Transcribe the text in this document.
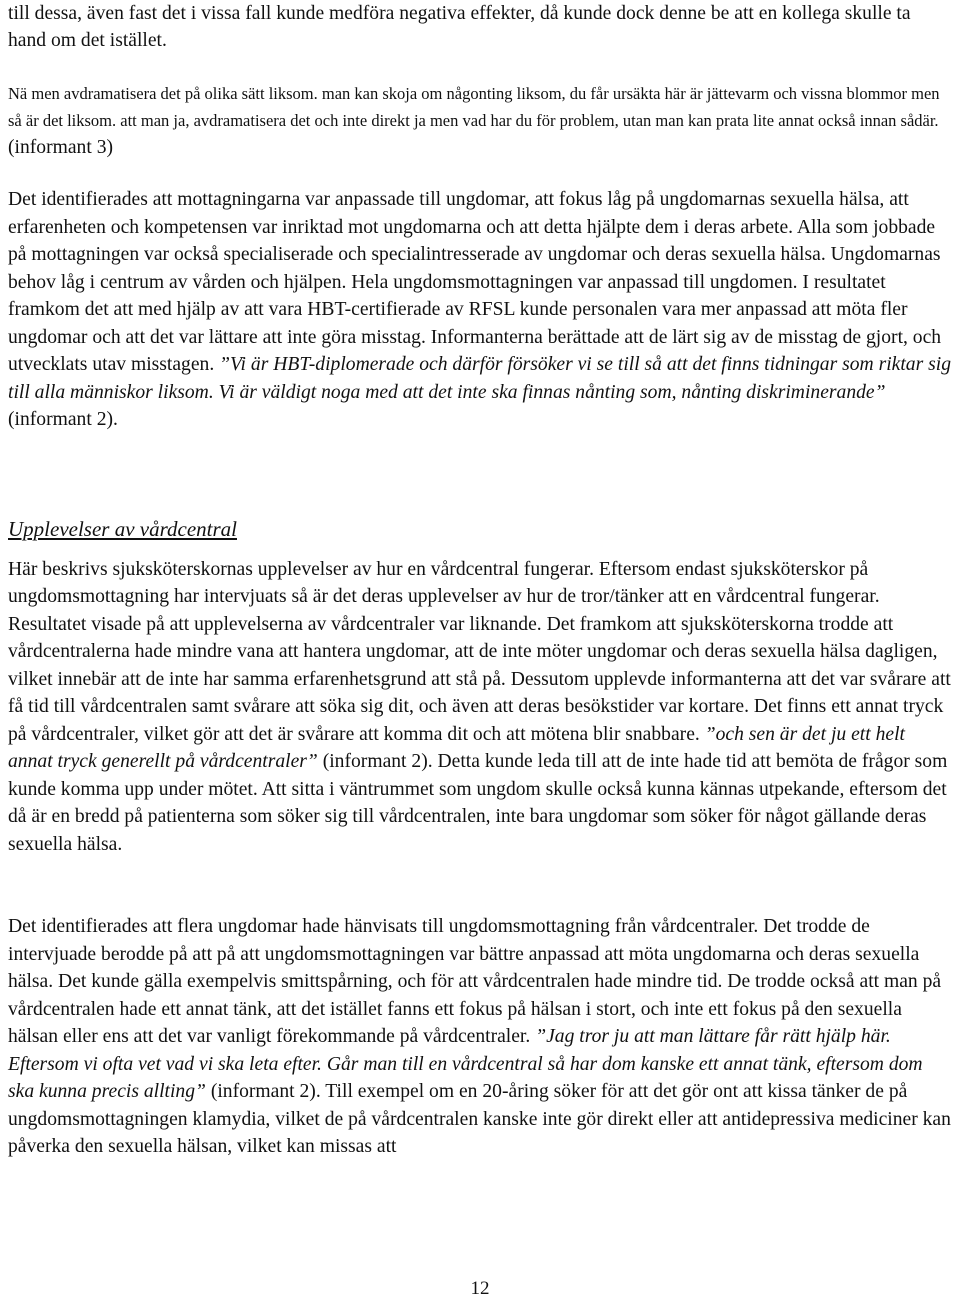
till dessa, även fast det i vissa fall kunde medföra negativa effekter, då kunde dock denne be att en kollega skulle ta hand om det istället.

Nä men avdramatisera det på olika sätt liksom. man kan skoja om någonting liksom, du får ursäkta här är jättevarm och vissna blommor men så är det liksom. att man ja, avdramatisera det och inte direkt ja men vad har du för problem, utan man kan prata lite annat också innan sådär. (informant 3)

Det identifierades att mottagningarna var anpassade till ungdomar, att fokus låg på ungdomarnas sexuella hälsa, att erfarenheten och kompetensen var inriktad mot ungdomarna och att detta hjälpte dem i deras arbete. Alla som jobbade på mottagningen var också specialiserade och specialintresserade av ungdomar och deras sexuella hälsa. Ungdomarnas behov låg i centrum av vården och hjälpen. Hela ungdomsmottagningen var anpassad till ungdomen. I resultatet framkom det att med hjälp av att vara HBT-certifierade av RFSL kunde personalen vara mer anpassad att möta fler ungdomar och att det var lättare att inte göra misstag. Informanterna berättade att de lärt sig av de misstag de gjort, och utvecklats utav misstagen. ”Vi är HBT-diplomerade och därför försöker vi se till så att det finns tidningar som riktar sig till alla människor liksom. Vi är väldigt noga med att det inte ska finnas nånting som, nånting diskriminerande” (informant 2).

Upplevelser av vårdcentral

Här beskrivs sjuksköterskornas upplevelser av hur en vårdcentral fungerar. Eftersom endast sjuksköterskor på ungdomsmottagning har intervjuats så är det deras upplevelser av hur de tror/tänker att en vårdcentral fungerar. Resultatet visade på att upplevelserna av vårdcentraler var liknande. Det framkom att sjuksköterskorna trodde att vårdcentralerna hade mindre vana att hantera ungdomar, att de inte möter ungdomar och deras sexuella hälsa dagligen, vilket innebär att de inte har samma erfarenhetsgrund att stå på. Dessutom upplevde informanterna att det var svårare att få tid till vårdcentralen samt svårare att söka sig dit, och även att deras besökstider var kortare. Det finns ett annat tryck på vårdcentraler, vilket gör att det är svårare att komma dit och att mötena blir snabbare. ”och sen är det ju ett helt annat tryck generellt på vårdcentraler” (informant 2). Detta kunde leda till att de inte hade tid att bemöta de frågor som kunde komma upp under mötet. Att sitta i väntrummet som ungdom skulle också kunna kännas utpekande, eftersom det då är en bredd på patienterna som söker sig till vårdcentralen, inte bara ungdomar som söker för något gällande deras sexuella hälsa.

Det identifierades att flera ungdomar hade hänvisats till ungdomsmottagning från vårdcentraler. Det trodde de intervjuade berodde på att på att ungdomsmottagningen var bättre anpassad att möta ungdomarna och deras sexuella hälsa. Det kunde gälla exempelvis smittspårning, och för att vårdcentralen hade mindre tid. De trodde också att man på vårdcentralen hade ett annat tänk, att det istället fanns ett fokus på hälsan i stort, och inte ett fokus på den sexuella hälsan eller ens att det var vanligt förekommande på vårdcentraler. ”Jag tror ju att man lättare får rätt hjälp här. Eftersom vi ofta vet vad vi ska leta efter. Går man till en vårdcentral så har dom kanske ett annat tänk, eftersom dom ska kunna precis allting” (informant 2). Till exempel om en 20-åring söker för att det gör ont att kissa tänker de på ungdomsmottagningen klamydia, vilket de på vårdcentralen kanske inte gör direkt eller att antidepressiva mediciner kan påverka den sexuella hälsan, vilket kan missas att

12
